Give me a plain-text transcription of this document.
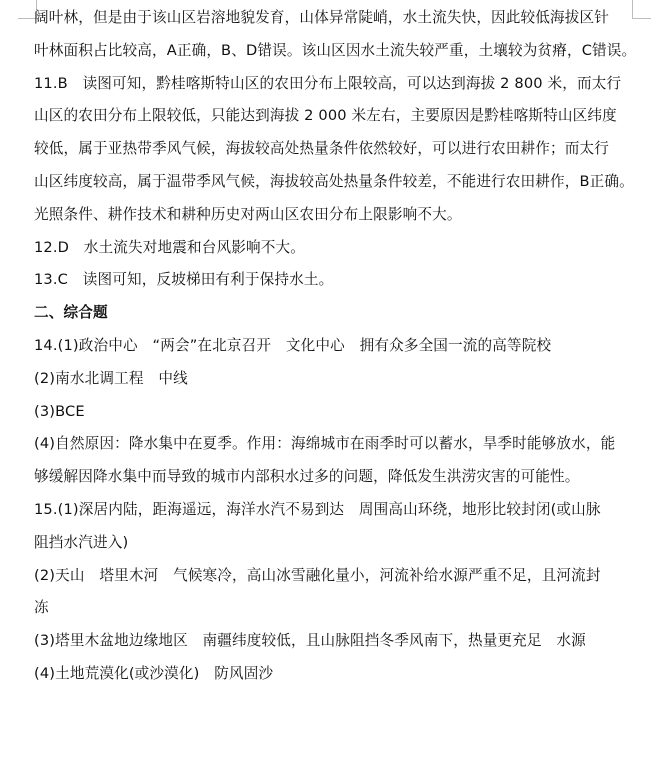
阔叶林，但是由于该山区岩溶地貌发育，山体异常陡峭，水土流失快，因此较低海拔区针
叶林面积占比较高，A正确，B、D错误。该山区因水土流失较严重，土壤较为贫瘠，C错误。
11.B　读图可知，黔桂喀斯特山区的农田分布上限较高，可以达到海拔 2 800 米，而太行
山区的农田分布上限较低，只能达到海拔 2 000 米左右，主要原因是黔桂喀斯特山区纬度
较低，属于亚热带季风气候，海拔较高处热量条件依然较好，可以进行农田耕作；而太行
山区纬度较高，属于温带季风气候，海拔较高处热量条件较差，不能进行农田耕作，B正确。
光照条件、耕作技术和耕种历史对两山区农田分布上限影响不大。
12.D　水土流失对地震和台风影响不大。
13.C　读图可知，反坡梯田有利于保持水土。
二、综合题
14.(1)政治中心　“两会”在北京召开　文化中心　拥有众多全国一流的高等院校
(2)南水北调工程　中线
(3)BCE
(4)自然原因：降水集中在夏季。作用：海绵城市在雨季时可以蓄水，旱季时能够放水，能
够缓解因降水集中而导致的城市内部积水过多的问题，降低发生洪涝灾害的可能性。
15.(1)深居内陆，距海遥远，海洋水汽不易到达　周围高山环绕，地形比较封闭(或山脉
阻挡水汽进入)
(2)天山　塔里木河　气候寒冷，高山冰雪融化量小，河流补给水源严重不足，且河流封
冻
(3)塔里木盆地边缘地区　南疆纬度较低，且山脉阻挡冬季风南下，热量更充足　水源
(4)土地荒漠化(或沙漠化)　防风固沙
